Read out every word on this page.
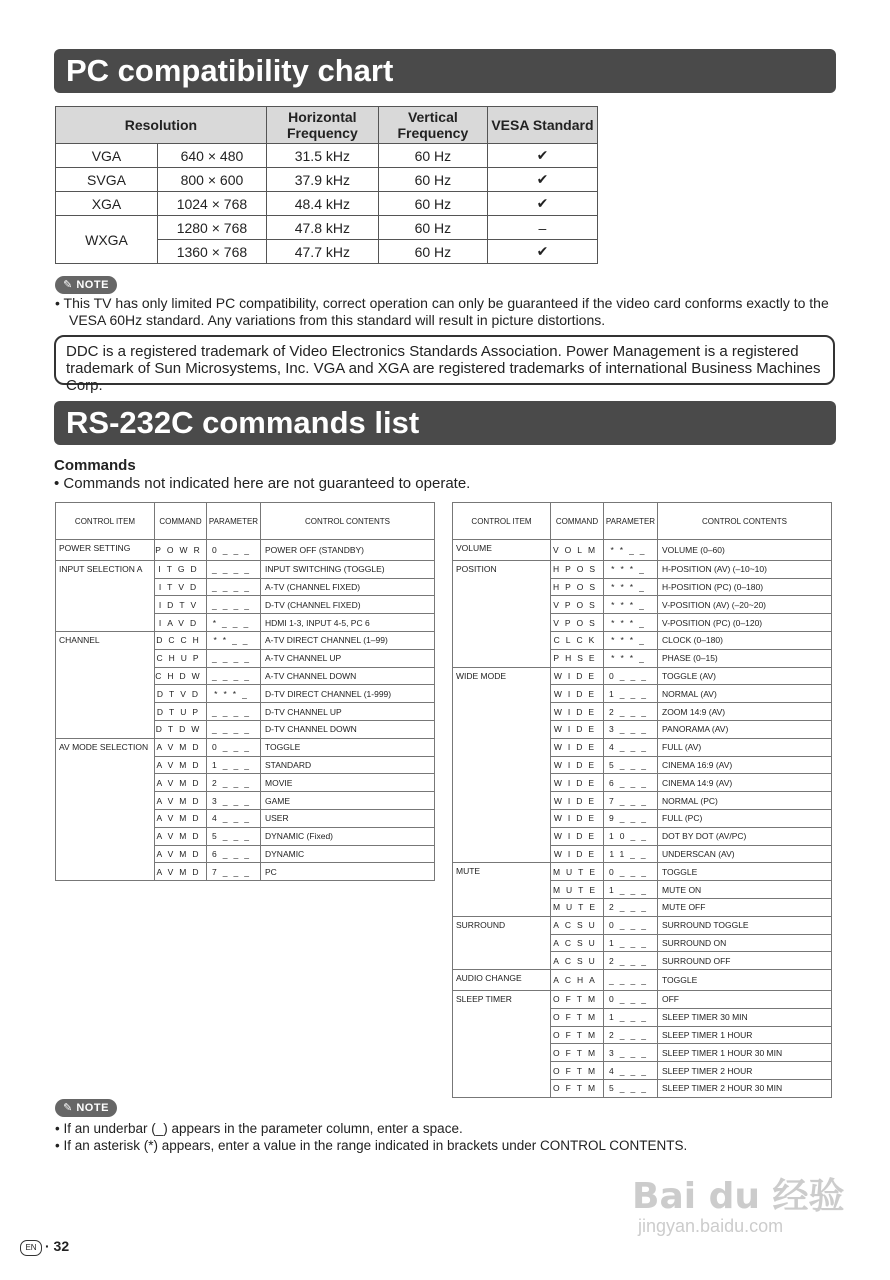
PC compatibility chart
Resolution		Horizontal Frequency	Vertical Frequency	VESA Standard
VGA	640 × 480	31.5 kHz	60 Hz	✔
SVGA	800 × 600	37.9 kHz	60 Hz	✔
XGA	1024 × 768	48.4 kHz	60 Hz	✔
WXGA	1280 × 768	47.8 kHz	60 Hz	–
	1360 × 768	47.7 kHz	60 Hz	✔
✎ NOTE
• This TV has only limited PC compatibility, correct operation can only be guaranteed if the video card conforms exactly to the VESA 60Hz standard. Any variations from this standard will result in picture distortions.
DDC is a registered trademark of Video Electronics Standards Association. Power Management is a registered trademark of Sun Microsystems, Inc. VGA and XGA are registered trademarks of international Business Machines Corp.
RS-232C commands list
Commands
• Commands not indicated here are not guaranteed to operate.
CONTROL ITEM	COMMAND	PARAMETER	CONTROL CONTENTS
POWER SETTING	POWR	0___	POWER OFF (STANDBY)
INPUT SELECTION A	ITGD	____	INPUT SWITCHING (TOGGLE)
	ITVD	____	A-TV (CHANNEL FIXED)
	IDTV	____	D-TV (CHANNEL FIXED)
	IAVD	*___	HDMI 1-3, INPUT 4-5, PC 6
CHANNEL	DCCH	**__	A-TV DIRECT CHANNEL (1–99)
	CHUP	____	A-TV CHANNEL UP
	CHDW	____	A-TV CHANNEL DOWN
	DTVD	***_	D-TV DIRECT CHANNEL (1-999)
	DTUP	____	D-TV CHANNEL UP
	DTDW	____	D-TV CHANNEL DOWN
AV MODE SELECTION	AVMD	0___	TOGGLE
	AVMD	1___	STANDARD
	AVMD	2___	MOVIE
	AVMD	3___	GAME
	AVMD	4___	USER
	AVMD	5___	DYNAMIC (Fixed)
	AVMD	6___	DYNAMIC
	AVMD	7___	PC
CONTROL ITEM	COMMAND	PARAMETER	CONTROL CONTENTS
VOLUME	VOLM	**__	VOLUME (0–60)
POSITION	HPOS	***_	H-POSITION (AV) (–10~10)
	HPOS	***_	H-POSITION (PC) (0–180)
	VPOS	***_	V-POSITION (AV) (–20~20)
	VPOS	***_	V-POSITION (PC) (0–120)
	CLCK	***_	CLOCK (0–180)
	PHSE	***_	PHASE (0–15)
WIDE MODE	WIDE	0___	TOGGLE (AV)
	WIDE	1___	NORMAL (AV)
	WIDE	2___	ZOOM 14:9 (AV)
	WIDE	3___	PANORAMA (AV)
	WIDE	4___	FULL (AV)
	WIDE	5___	CINEMA 16:9 (AV)
	WIDE	6___	CINEMA 14:9 (AV)
	WIDE	7___	NORMAL (PC)
	WIDE	9___	FULL (PC)
	WIDE	10__	DOT BY DOT (AV/PC)
	WIDE	11__	UNDERSCAN (AV)
MUTE	MUTE	0___	TOGGLE
	MUTE	1___	MUTE ON
	MUTE	2___	MUTE OFF
SURROUND	ACSU	0___	SURROUND TOGGLE
	ACSU	1___	SURROUND ON
	ACSU	2___	SURROUND OFF
AUDIO CHANGE	ACHA	____	TOGGLE
SLEEP TIMER	OFTM	0___	OFF
	OFTM	1___	SLEEP TIMER 30 MIN
	OFTM	2___	SLEEP TIMER 1 HOUR
	OFTM	3___	SLEEP TIMER 1 HOUR 30 MIN
	OFTM	4___	SLEEP TIMER 2 HOUR
	OFTM	5___	SLEEP TIMER 2 HOUR 30 MIN
✎ NOTE
• If an underbar (_) appears in the parameter column, enter a space.
• If an asterisk (*) appears, enter a value in the range indicated in brackets under CONTROL CONTENTS.
Bai du 经验
jingyan.baidu.com
EN · 32
